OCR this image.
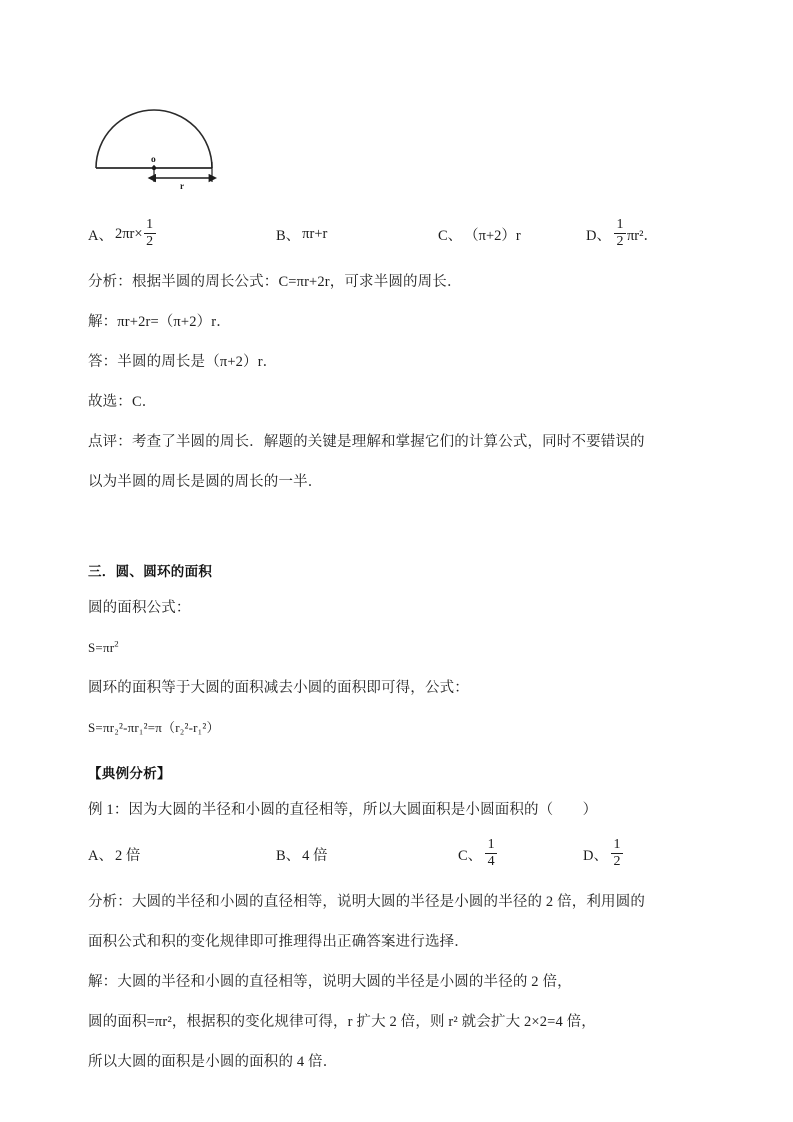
o
r
A、 $2\pi r\times \frac{1}{2}$	B、 πr+r	C、 （π+2）r	D、 $\frac{1}{2} \pi r^2$．
分析：根据半圆的周长公式：C=πr+2r，可求半圆的周长．
解：πr+2r=（π+2）r．
答：半圆的周长是（π+2）r．
故选：C．
点评：考查了半圆的周长．解题的关键是理解和掌握它们的计算公式，同时不要错误的
以为半圆的周长是圆的周长的一半．
三．圆、圆环的面积
圆的面积公式：
$S=\pi r^2$
圆环的面积等于大圆的面积减去小圆的面积即可得，公式：
S=πr₂²-πr₁²=π（r₂²-r₁²）
【典例分析】
例 1：因为大圆的半径和小圆的直径相等，所以大圆面积是小圆面积的（　　）
A、 2 倍	B、 4 倍	C、 $\frac{1}{4}$	D、 $\frac{1}{2}$
分析：大圆的半径和小圆的直径相等，说明大圆的半径是小圆的半径的 2 倍，利用圆的
面积公式和积的变化规律即可推理得出正确答案进行选择．
解：大圆的半径和小圆的直径相等，说明大圆的半径是小圆的半径的 2 倍，
圆的面积=πr²，根据积的变化规律可得，r 扩大 2 倍，则 r² 就会扩大 2×2=4 倍，
所以大圆的面积是小圆的面积的 4 倍．
